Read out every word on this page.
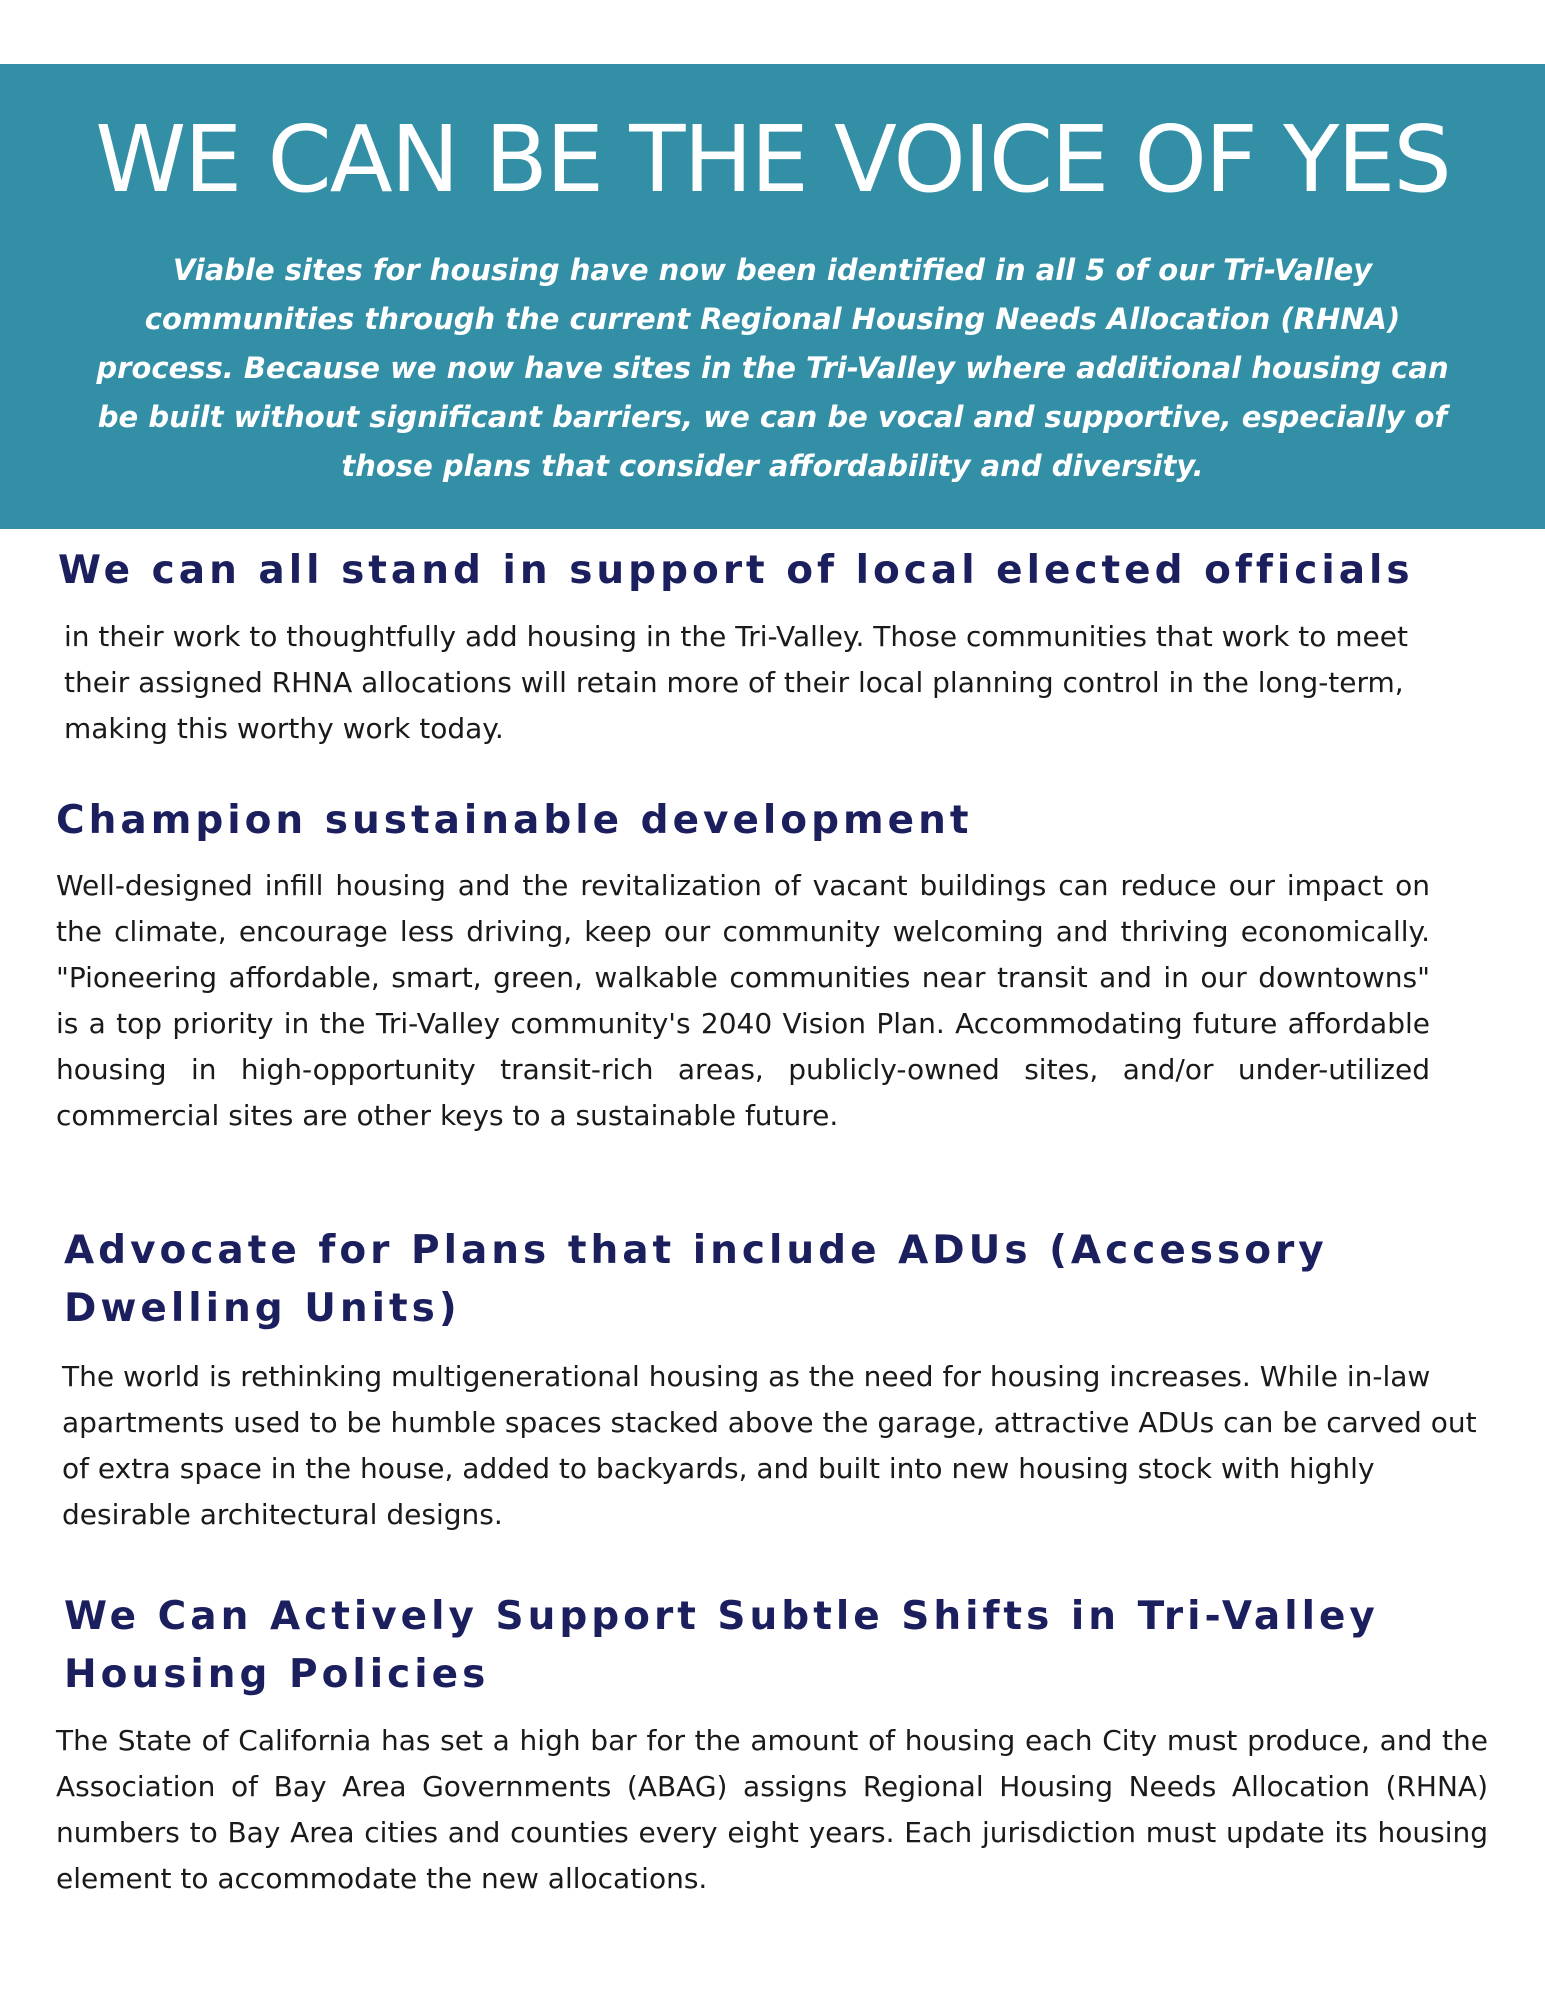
WE CAN BE THE VOICE OF YES

Viable sites for housing have now been identified in all 5 of our Tri-Valley communities through the current Regional Housing Needs Allocation (RHNA) process. Because we now have sites in the Tri-Valley where additional housing can be built without significant barriers, we can be vocal and supportive, especially of those plans that consider affordability and diversity.

We can all stand in support of local elected officials

in their work to thoughtfully add housing in the Tri-Valley. Those communities that work to meet their assigned RHNA allocations will retain more of their local planning control in the long-term, making this worthy work today.

Champion sustainable development

Well-designed infill housing and the revitalization of vacant buildings can reduce our impact on the climate, encourage less driving, keep our community welcoming and thriving economically. "Pioneering affordable, smart, green, walkable communities near transit and in our downtowns" is a top priority in the Tri-Valley community's 2040 Vision Plan. Accommodating future affordable housing in high-opportunity transit-rich areas, publicly-owned sites, and/or under-utilized commercial sites are other keys to a sustainable future.

Advocate for Plans that include ADUs (Accessory Dwelling Units)

The world is rethinking multigenerational housing as the need for housing increases. While in-law apartments used to be humble spaces stacked above the garage, attractive ADUs can be carved out of extra space in the house, added to backyards, and built into new housing stock with highly desirable architectural designs.

We Can Actively Support Subtle Shifts in Tri-Valley Housing Policies

The State of California has set a high bar for the amount of housing each City must produce, and the Association of Bay Area Governments (ABAG) assigns Regional Housing Needs Allocation (RHNA) numbers to Bay Area cities and counties every eight years. Each jurisdiction must update its housing element to accommodate the new allocations.
